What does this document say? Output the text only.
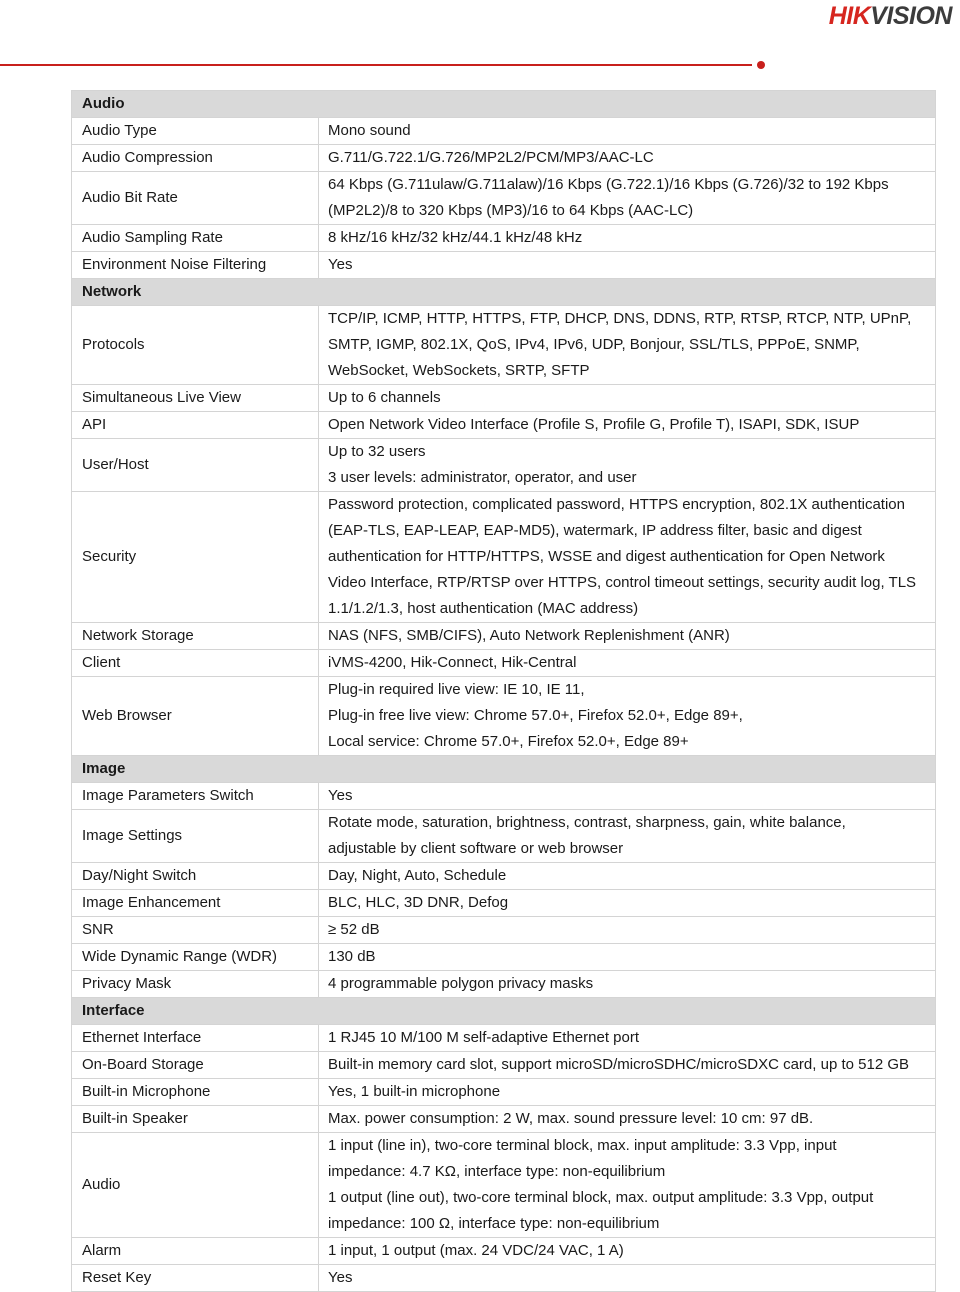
HIKVISION
Audio	
Audio Type	Mono sound

Audio Compression	G.711/G.722.1/G.726/MP2L2/PCM/MP3/AAC-LC

Audio Bit Rate	64 Kbps (G.711ulaw/G.711alaw)/16 Kbps (G.722.1)/16 Kbps (G.726)/32 to 192 Kbps
(MP2L2)/8 to 320 Kbps (MP3)/16 to 64 Kbps (AAC-LC)

Audio Sampling Rate	8 kHz/16 kHz/32 kHz/44.1 kHz/48 kHz

Environment Noise Filtering	Yes

Network	
Protocols	TCP/IP, ICMP, HTTP, HTTPS, FTP, DHCP, DNS, DDNS, RTP, RTSP, RTCP, NTP, UPnP,
SMTP, IGMP, 802.1X, QoS, IPv4, IPv6, UDP, Bonjour, SSL/TLS, PPPoE, SNMP,
WebSocket, WebSockets, SRTP, SFTP

Simultaneous Live View	Up to 6 channels

API	Open Network Video Interface (Profile S, Profile G, Profile T), ISAPI, SDK, ISUP

User/Host	Up to 32 users
3 user levels: administrator, operator, and user

Security	Password protection, complicated password, HTTPS encryption, 802.1X authentication
(EAP-TLS, EAP-LEAP, EAP-MD5), watermark, IP address filter, basic and digest
authentication for HTTP/HTTPS, WSSE and digest authentication for Open Network
Video Interface, RTP/RTSP over HTTPS, control timeout settings, security audit log, TLS
1.1/1.2/1.3, host authentication (MAC address)

Network Storage	NAS (NFS, SMB/CIFS), Auto Network Replenishment (ANR)

Client	iVMS-4200, Hik-Connect, Hik-Central

Web Browser	Plug-in required live view: IE 10, IE 11,
Plug-in free live view: Chrome 57.0+, Firefox 52.0+, Edge 89+,
Local service: Chrome 57.0+, Firefox 52.0+, Edge 89+

Image	
Image Parameters Switch	Yes

Image Settings	Rotate mode, saturation, brightness, contrast, sharpness, gain, white balance,
adjustable by client software or web browser

Day/Night Switch	Day, Night, Auto, Schedule

Image Enhancement	BLC, HLC, 3D DNR, Defog

SNR	≥ 52 dB

Wide Dynamic Range (WDR)	130 dB

Privacy Mask	4 programmable polygon privacy masks

Interface	
Ethernet Interface	1 RJ45 10 M/100 M self-adaptive Ethernet port

On-Board Storage	Built-in memory card slot, support microSD/microSDHC/microSDXC card, up to 512 GB

Built-in Microphone	Yes, 1 built-in microphone

Built-in Speaker	Max. power consumption: 2 W, max. sound pressure level: 10 cm: 97 dB.

Audio	1 input (line in), two-core terminal block, max. input amplitude: 3.3 Vpp, input
impedance: 4.7 KΩ, interface type: non-equilibrium
1 output (line out), two-core terminal block, max. output amplitude: 3.3 Vpp, output
impedance: 100 Ω, interface type: non-equilibrium

Alarm	1 input, 1 output (max. 24 VDC/24 VAC, 1 A)

Reset Key	Yes
